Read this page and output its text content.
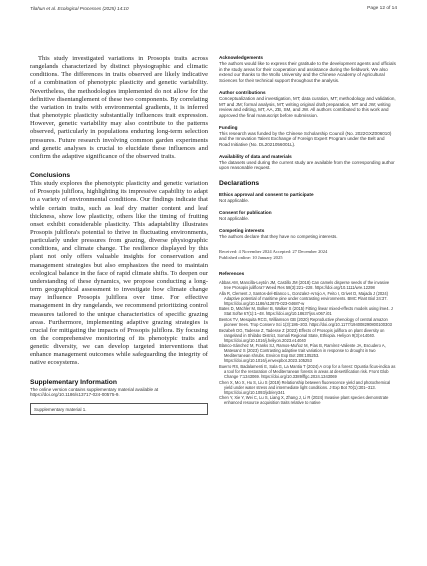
Tilahun et al. Ecological Processes (2025) 14:10	Page 12 of 14

This study investigated variations in Prosopis traits across rangelands characterized by distinct physiographic and climatic conditions. The differences in traits observed are likely indicative of a combination of phenotypic plasticity and genetic variability. Nevertheless, the methodologies implemented do not allow for the definitive disentanglement of these two components. By correlating the variation in traits with environmental gradients, it is inferred that phenotypic plasticity substantially influences trait expression. However, genetic variability may also contribute to the patterns observed, particularly in populations enduring long-term selection pressures. Future research involving common garden experiments and genetic analyses is crucial to elucidate these influences and confirm the adaptive significance of the observed traits.

Conclusions

This study explores the phenotypic plasticity and genetic variation of Prosopis juliflora, highlighting its impressive capability to adapt to a variety of environmental conditions. Our findings indicate that while certain traits, such as leaf dry matter content and leaf thickness, show low plasticity, others like the timing of fruiting onset exhibit considerable plasticity. This adaptability illustrates Prosopis juliflora's potential to thrive in fluctuating environments, particularly under pressures from grazing, diverse physiographic conditions, and climate change. The resilience displayed by this plant not only offers valuable insights for conservation and management strategies but also emphasizes the need to maintain ecological balance in the face of rapid climate shifts. To deepen our understanding of these dynamics, we propose conducting a long-term geographical assessment to investigate how climate change may influence Prosopis juliflora over time. For effective management in dry rangelands, we recommend prioritizing control measures tailored to the unique characteristics of specific grazing areas. Furthermore, implementing adaptive grazing strategies is crucial for mitigating the impacts of Prosopis juliflora. By focusing on the comprehensive monitoring of its phenotypic traits and genetic diversity, we can develop targeted interventions that enhance management outcomes while safeguarding the integrity of native ecosystems.

Supplementary Information

The online version contains supplementary material available at https://doi.org/10.1186/s13717-024-00575-9.

Supplementary material 1.
Acknowledgements

The authors would like to express their gratitude to the development agents and officials in the study areas for their cooperation and assistance during the fieldwork. We also extend our thanks to the Wollo University and the Chinese Academy of Agricultural Sciences for their technical support throughout the analysis.

Author contributions

Conceptualization and investigation, MT; data curation, MT; methodology and validation, MT and JM; formal analysis, MT; writing original draft preparation, MT and JW; writing review and editing, MT, AA, ZB, SM, and JW. All authors contributed to this work and approved the final manuscript before submission.

Funding

This research was funded by the Chinese Scholarship Council (No. 2022GXZ006010) and the Innovation Talent Exchange of Foreign Expert Program under the Belt and Road Initiative (No. DL2021056001L).

Availability of data and materials

The datasets used during the current study are available from the corresponding author upon reasonable request.

Declarations
Ethics approval and consent to participate

Not applicable.

Consent for publication

Not applicable.

Competing interests

The authors declare that they have no competing interests.

Received: 4 November 2024 Accepted: 27 December 2024

Published online: 10 January 2025

References

Abbas AM, Mancilla-Leytón JM, Castillo JM (2018) Can camels disperse seeds of the invasive tree Prosopis juliflora? Weed Res 58(3):221–228. https://doi.org/10.1111/wre.12298

Alla R, Clement J, Santos-del-Blanco L, Gonzalez-Arrojo A, Feito I, Grivet D, Majada J (2024) Adaptive potential of maritime pine under contrasting environments. BMC Plant Biol 24:37. https://doi.org/10.1186/s12870-023-04687-w

Bates D, Mächler M, Bolker B, Walker S (2015) Fitting linear mixed-effects models using lme4. J Stat Softw 67(1):1–48. https://doi.org/10.18637/jss.v067.i01

Bentos TV, Mesquita RCG, Williamson GB (2020) Reproductive phenology of central amazon pioneer trees. Trop Conserv Sci 1(3):186–203. https://doi.org/10.1177/194008290800100303

Bezabeh DG, Tadesse Z, Tadesse Z (2023) Effects of Prosopis juliflora on plant diversity on rangeland in Shilabo District, Somali Regional State, Ethiopia. Heliyon 9(3):e14040. https://doi.org/10.1016/j.heliyon.2023.e14040

Blanco-Sánchez M, Franks SJ, Ramos-Muñoz M, Pías B, Ramírez-Valiente JA, Escudero A, Matesanz S (2023) Contrasting adaptive trait variation in response to drought in two Mediterranean shrubs. Environ Exp Bot 208:105253. https://doi.org/10.1016/j.envexpbot.2023.105253

Buerro RS, Badalamenti E, Sala G, La Mantia T (2024) A crop for a forest: Opuntia ficus-indica as a tool for the restoration of Mediterranean forests in areas at desertification risk. Front Glob Change 7:1343069. https://doi.org/10.3389/ffgc.2024.1343069

Chen X, Mo X, Hu S, Liu S (2019) Relationship between fluorescence yield and photochemical yield under water stress and intermediate light conditions. J Exp Bot 70(1):301–313. https://doi.org/10.1093/jxb/ery341

Chen Y, Xie Y, Wei C, Lu S, Liang X, Zhang J, Li R (2024) Invasive plant species demonstrate enhanced resource acquisition traits relative to native
